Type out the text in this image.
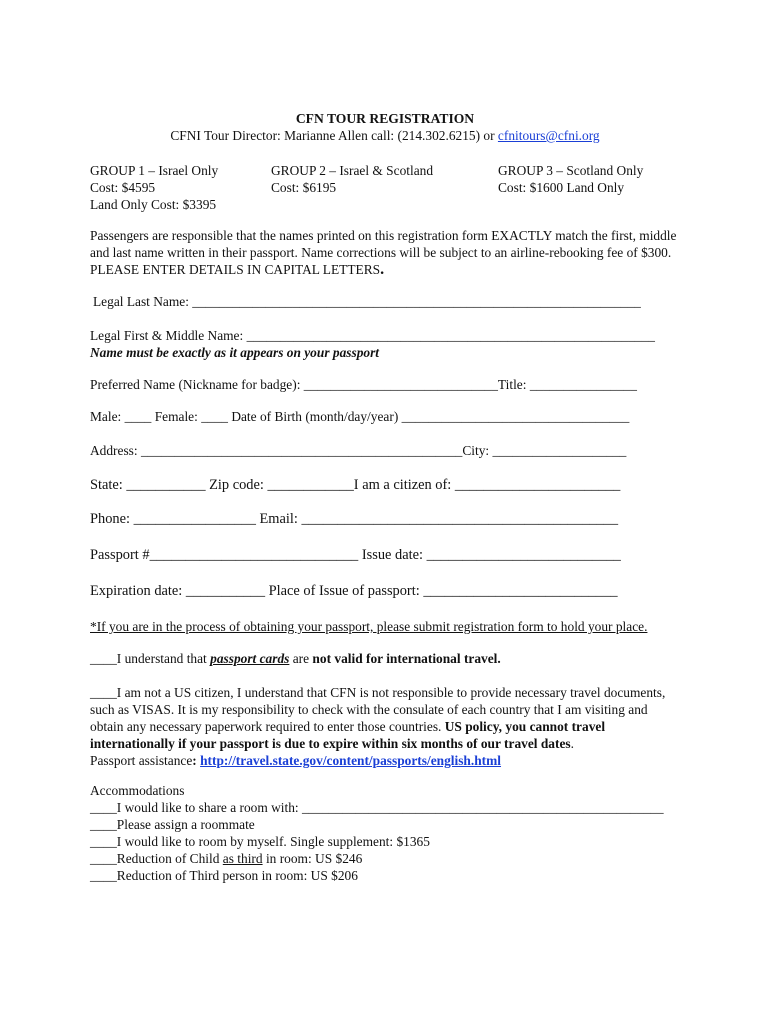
CFN TOUR REGISTRATION
CFNI Tour Director: Marianne Allen call: (214.302.6215) or cfnitours@cfni.org
GROUP 1 – Israel Only
Cost: $4595
Land Only Cost: $3395
GROUP 2 – Israel & Scotland
Cost: $6195
GROUP 3 – Scotland Only
Cost: $1600 Land Only
Passengers are responsible that the names printed on this registration form EXACTLY match the first, middle and last name written in their passport. Name corrections will be subject to an airline-rebooking fee of $300. PLEASE ENTER DETAILS IN CAPITAL LETTERS.
Legal Last Name: ___________________________________________________________________
Legal First & Middle Name: _____________________________________________________________
Name must be exactly as it appears on your passport
Preferred Name (Nickname for badge): _____________________________Title: ________________
Male: ____ Female: ____ Date of Birth (month/day/year) __________________________________
Address: ________________________________________________City: ____________________
State: ___________ Zip code: ____________I am a citizen of: _______________________
Phone: _________________ Email: ____________________________________________
Passport #_____________________________ Issue date: ___________________________
Expiration date: ___________ Place of Issue of passport: ___________________________
*If you are in the process of obtaining your passport, please submit registration form to hold your place.
____I understand that passport cards are not valid for international travel.
____I am not a US citizen, I understand that CFN is not responsible to provide necessary travel documents, such as VISAS. It is my responsibility to check with the consulate of each country that I am visiting and obtain any necessary paperwork required to enter those countries. US policy, you cannot travel internationally if your passport is due to expire within six months of our travel dates.
Passport assistance: http://travel.state.gov/content/passports/english.html
Accommodations
____I would like to share a room with: ______________________________________________________
____Please assign a roommate
____I would like to room by myself. Single supplement: $1365
____Reduction of Child as third in room: US $246
____Reduction of Third person in room: US $206
